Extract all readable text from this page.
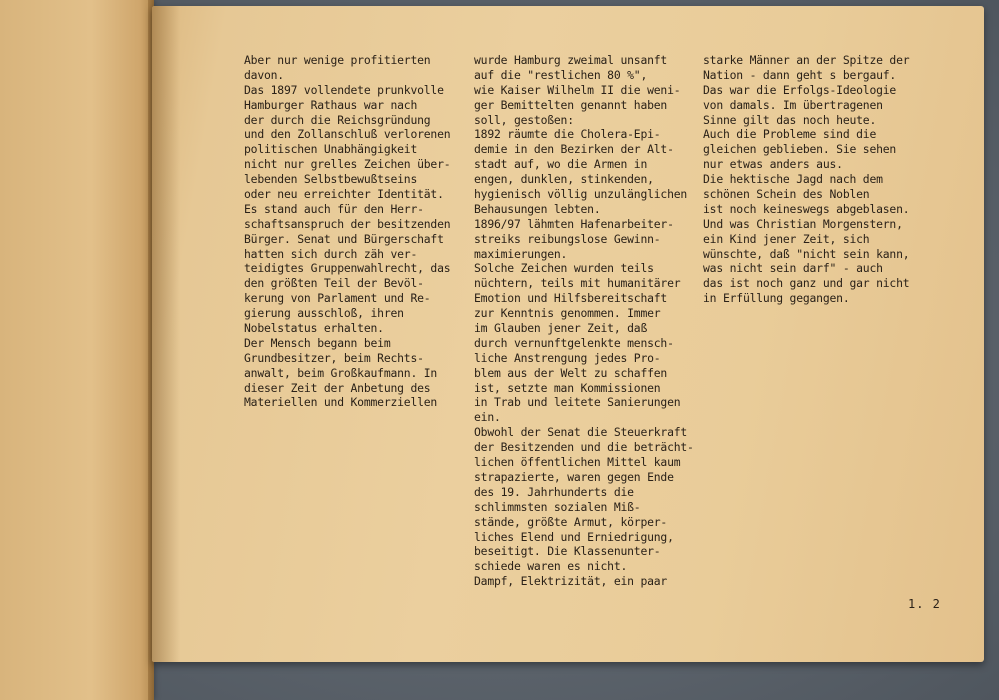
Aber nur wenige profitierten
davon.
Das 1897 vollendete prunkvolle
Hamburger Rathaus war nach
der durch die Reichsgründung
und den Zollanschluß verlorenen
politischen Unabhängigkeit
nicht nur grelles Zeichen über-
lebenden Selbstbewußtseins
oder neu erreichter Identität.
Es stand auch für den Herr-
schaftsanspruch der besitzenden
Bürger. Senat und Bürgerschaft
hatten sich durch zäh ver-
teidigtes Gruppenwahlrecht, das
den größten Teil der Bevöl-
kerung von Parlament und Re-
gierung ausschloß, ihren
Nobelstatus erhalten.
Der Mensch begann beim
Grundbesitzer, beim Rechts-
anwalt, beim Großkaufmann. In
dieser Zeit der Anbetung des
Materiellen und Kommerziellen
wurde Hamburg zweimal unsanft
auf die "restlichen 80 %",
wie Kaiser Wilhelm II die weni-
ger Bemittelten genannt haben
soll, gestoßen:
1892 räumte die Cholera-Epi-
demie in den Bezirken der Alt-
stadt auf, wo die Armen in
engen, dunklen, stinkenden,
hygienisch völlig unzulänglichen
Behausungen lebten.
1896/97 lähmten Hafenarbeiter-
streiks reibungslose Gewinn-
maximierungen.
Solche Zeichen wurden teils
nüchtern, teils mit humanitärer
Emotion und Hilfsbereitschaft
zur Kenntnis genommen. Immer
im Glauben jener Zeit, daß
durch vernunftgelenkte mensch-
liche Anstrengung jedes Pro-
blem aus der Welt zu schaffen
ist, setzte man Kommissionen
in Trab und leitete Sanierungen
ein.
Obwohl der Senat die Steuerkraft
der Besitzenden und die beträcht-
lichen öffentlichen Mittel kaum
strapazierte, waren gegen Ende
des 19. Jahrhunderts die
schlimmsten sozialen Miß-
stände, größte Armut, körper-
liches Elend und Erniedrigung,
beseitigt. Die Klassenunter-
schiede waren es nicht.
Dampf, Elektrizität, ein paar
starke Männer an der Spitze der
Nation - dann geht s bergauf.
Das war die Erfolgs-Ideologie
von damals. Im übertragenen
Sinne gilt das noch heute.
Auch die Probleme sind die
gleichen geblieben. Sie sehen
nur etwas anders aus.
Die hektische Jagd nach dem
schönen Schein des Noblen
ist noch keineswegs abgeblasen.
Und was Christian Morgenstern,
ein Kind jener Zeit, sich
wünschte, daß "nicht sein kann,
was nicht sein darf" - auch
das ist noch ganz und gar nicht
in Erfüllung gegangen.
1. 2
